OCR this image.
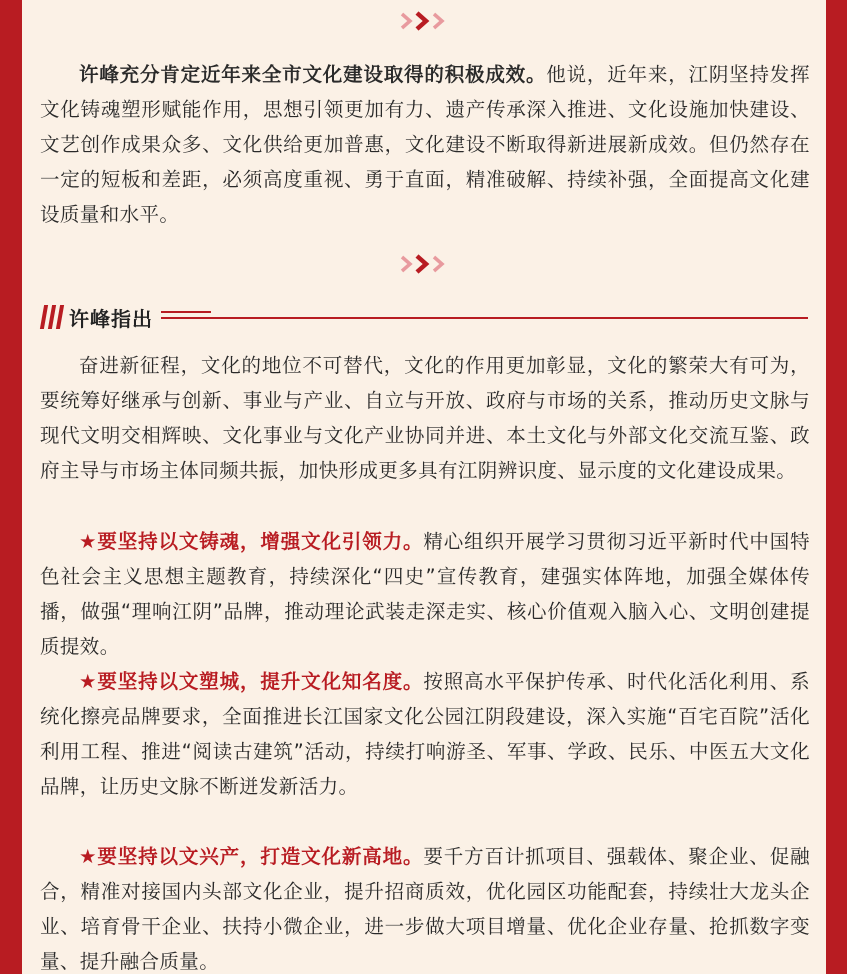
许峰充分肯定近年来全市文化建设取得的积极成效。他说，近年来，江阴坚持发挥文化铸魂塑形赋能作用，思想引领更加有力、遗产传承深入推进、文化设施加快建设、文艺创作成果众多、文化供给更加普惠，文化建设不断取得新进展新成效。但仍然存在一定的短板和差距，必须高度重视、勇于直面，精准破解、持续补强，全面提高文化建设质量和水平。

许峰指出

奋进新征程，文化的地位不可替代，文化的作用更加彰显，文化的繁荣大有可为，要统筹好继承与创新、事业与产业、自立与开放、政府与市场的关系，推动历史文脉与现代文明交相辉映、文化事业与文化产业协同并进、本土文化与外部文化交流互鉴、政府主导与市场主体同频共振，加快形成更多具有江阴辨识度、显示度的文化建设成果。

★要坚持以文铸魂，增强文化引领力。精心组织开展学习贯彻习近平新时代中国特色社会主义思想主题教育，持续深化“四史”宣传教育，建强实体阵地，加强全媒体传播，做强“理响江阴”品牌，推动理论武装走深走实、核心价值观入脑入心、文明创建提质提效。

★要坚持以文塑城，提升文化知名度。按照高水平保护传承、时代化活化利用、系统化擦亮品牌要求，全面推进长江国家文化公园江阴段建设，深入实施“百宅百院”活化利用工程、推进“阅读古建筑”活动，持续打响游圣、军事、学政、民乐、中医五大文化品牌，让历史文脉不断迸发新活力。

★要坚持以文兴产，打造文化新高地。要千方百计抓项目、强载体、聚企业、促融合，精准对接国内头部文化企业，提升招商质效，优化园区功能配套，持续壮大龙头企业、培育骨干企业、扶持小微企业，进一步做大项目增量、优化企业存量、抢抓数字变量、提升融合质量。
